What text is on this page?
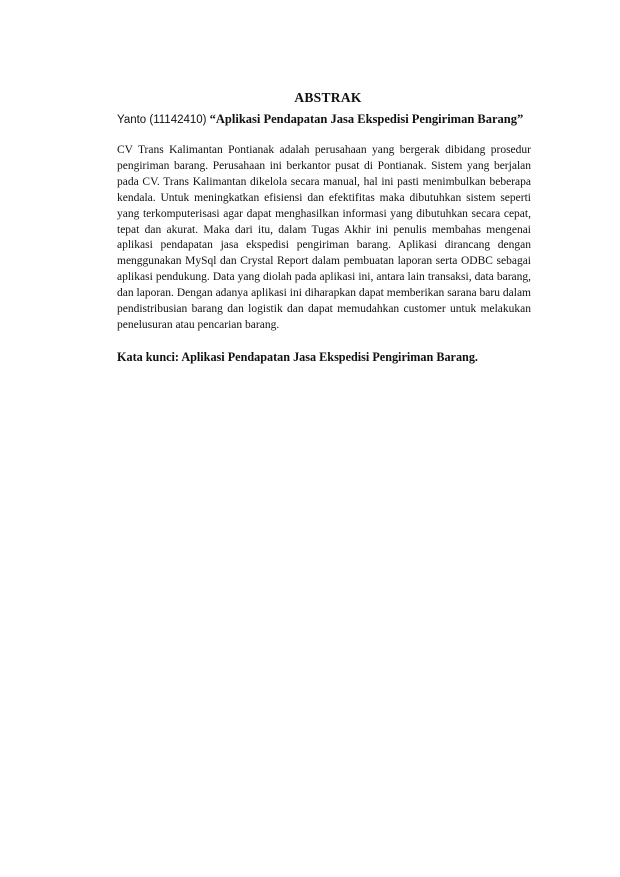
ABSTRAK

Yanto (11142410) “Aplikasi Pendapatan Jasa Ekspedisi Pengiriman Barang”

CV Trans Kalimantan Pontianak adalah perusahaan yang bergerak dibidang prosedur pengiriman barang. Perusahaan ini berkantor pusat di Pontianak. Sistem yang berjalan pada CV. Trans Kalimantan dikelola secara manual, hal ini pasti menimbulkan beberapa kendala. Untuk meningkatkan efisiensi dan efektifitas maka dibutuhkan sistem seperti yang terkomputerisasi agar dapat menghasilkan informasi yang dibutuhkan secara cepat, tepat dan akurat. Maka dari itu, dalam Tugas Akhir ini penulis membahas mengenai aplikasi pendapatan jasa ekspedisi pengiriman barang. Aplikasi dirancang dengan menggunakan MySql dan Crystal Report dalam pembuatan laporan serta ODBC sebagai aplikasi pendukung. Data yang diolah pada aplikasi ini, antara lain transaksi, data barang, dan laporan. Dengan adanya aplikasi ini diharapkan dapat memberikan sarana baru dalam pendistribusian barang dan logistik dan dapat memudahkan customer untuk melakukan penelusuran atau pencarian barang.

Kata kunci: Aplikasi Pendapatan Jasa Ekspedisi Pengiriman Barang.
